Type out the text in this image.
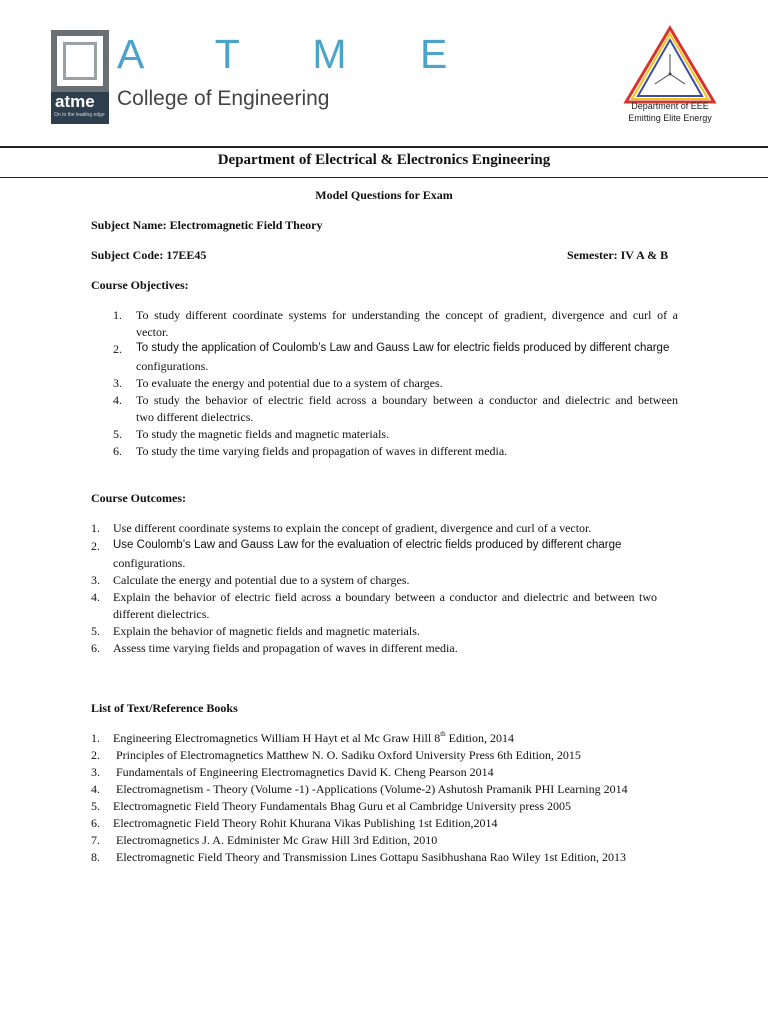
atme
On to the leading edge
A T M E
College of Engineering	Department of EEE
Emitting Elite Energy
Department of Electrical & Electronics Engineering
Model Questions for Exam
Subject Name: Electromagnetic Field Theory
Subject Code: 17EE45	Semester: IV A & B
Course Objectives:
1. To study different coordinate systems for understanding the concept of gradient, divergence and curl of a
vector.
2. To study the application of Coulomb’s Law and Gauss Law for electric fields produced by different charge
configurations.
3. To evaluate the energy and potential due to a system of charges.
4. To study the behavior of electric field across a boundary between a conductor and dielectric and between
two different dielectrics.
5. To study the magnetic fields and magnetic materials.
6. To study the time varying fields and propagation of waves in different media.
Course Outcomes:
1. Use different coordinate systems to explain the concept of gradient, divergence and curl of a vector.
2. Use Coulomb’s Law and Gauss Law for the evaluation of electric fields produced by different charge
configurations.
3. Calculate the energy and potential due to a system of charges.
4. Explain the behavior of electric field across a boundary between a conductor and dielectric and between two
different dielectrics.
5. Explain the behavior of magnetic fields and magnetic materials.
6. Assess time varying fields and propagation of waves in different media.
List of Text/Reference Books
1. Engineering Electromagnetics William H Hayt et al Mc Graw Hill 8th Edition, 2014
2. Principles of Electromagnetics Matthew N. O. Sadiku Oxford University Press 6th Edition, 2015
3. Fundamentals of Engineering Electromagnetics David K. Cheng Pearson 2014
4. Electromagnetism - Theory (Volume -1) -Applications (Volume-2) Ashutosh Pramanik PHI Learning 2014
5. Electromagnetic Field Theory Fundamentals Bhag Guru et al Cambridge University press 2005
6. Electromagnetic Field Theory Rohit Khurana Vikas Publishing 1st Edition,2014
7. Electromagnetics J. A. Edminister Mc Graw Hill 3rd Edition, 2010
8. Electromagnetic Field Theory and Transmission Lines Gottapu Sasibhushana Rao Wiley 1st Edition, 2013
